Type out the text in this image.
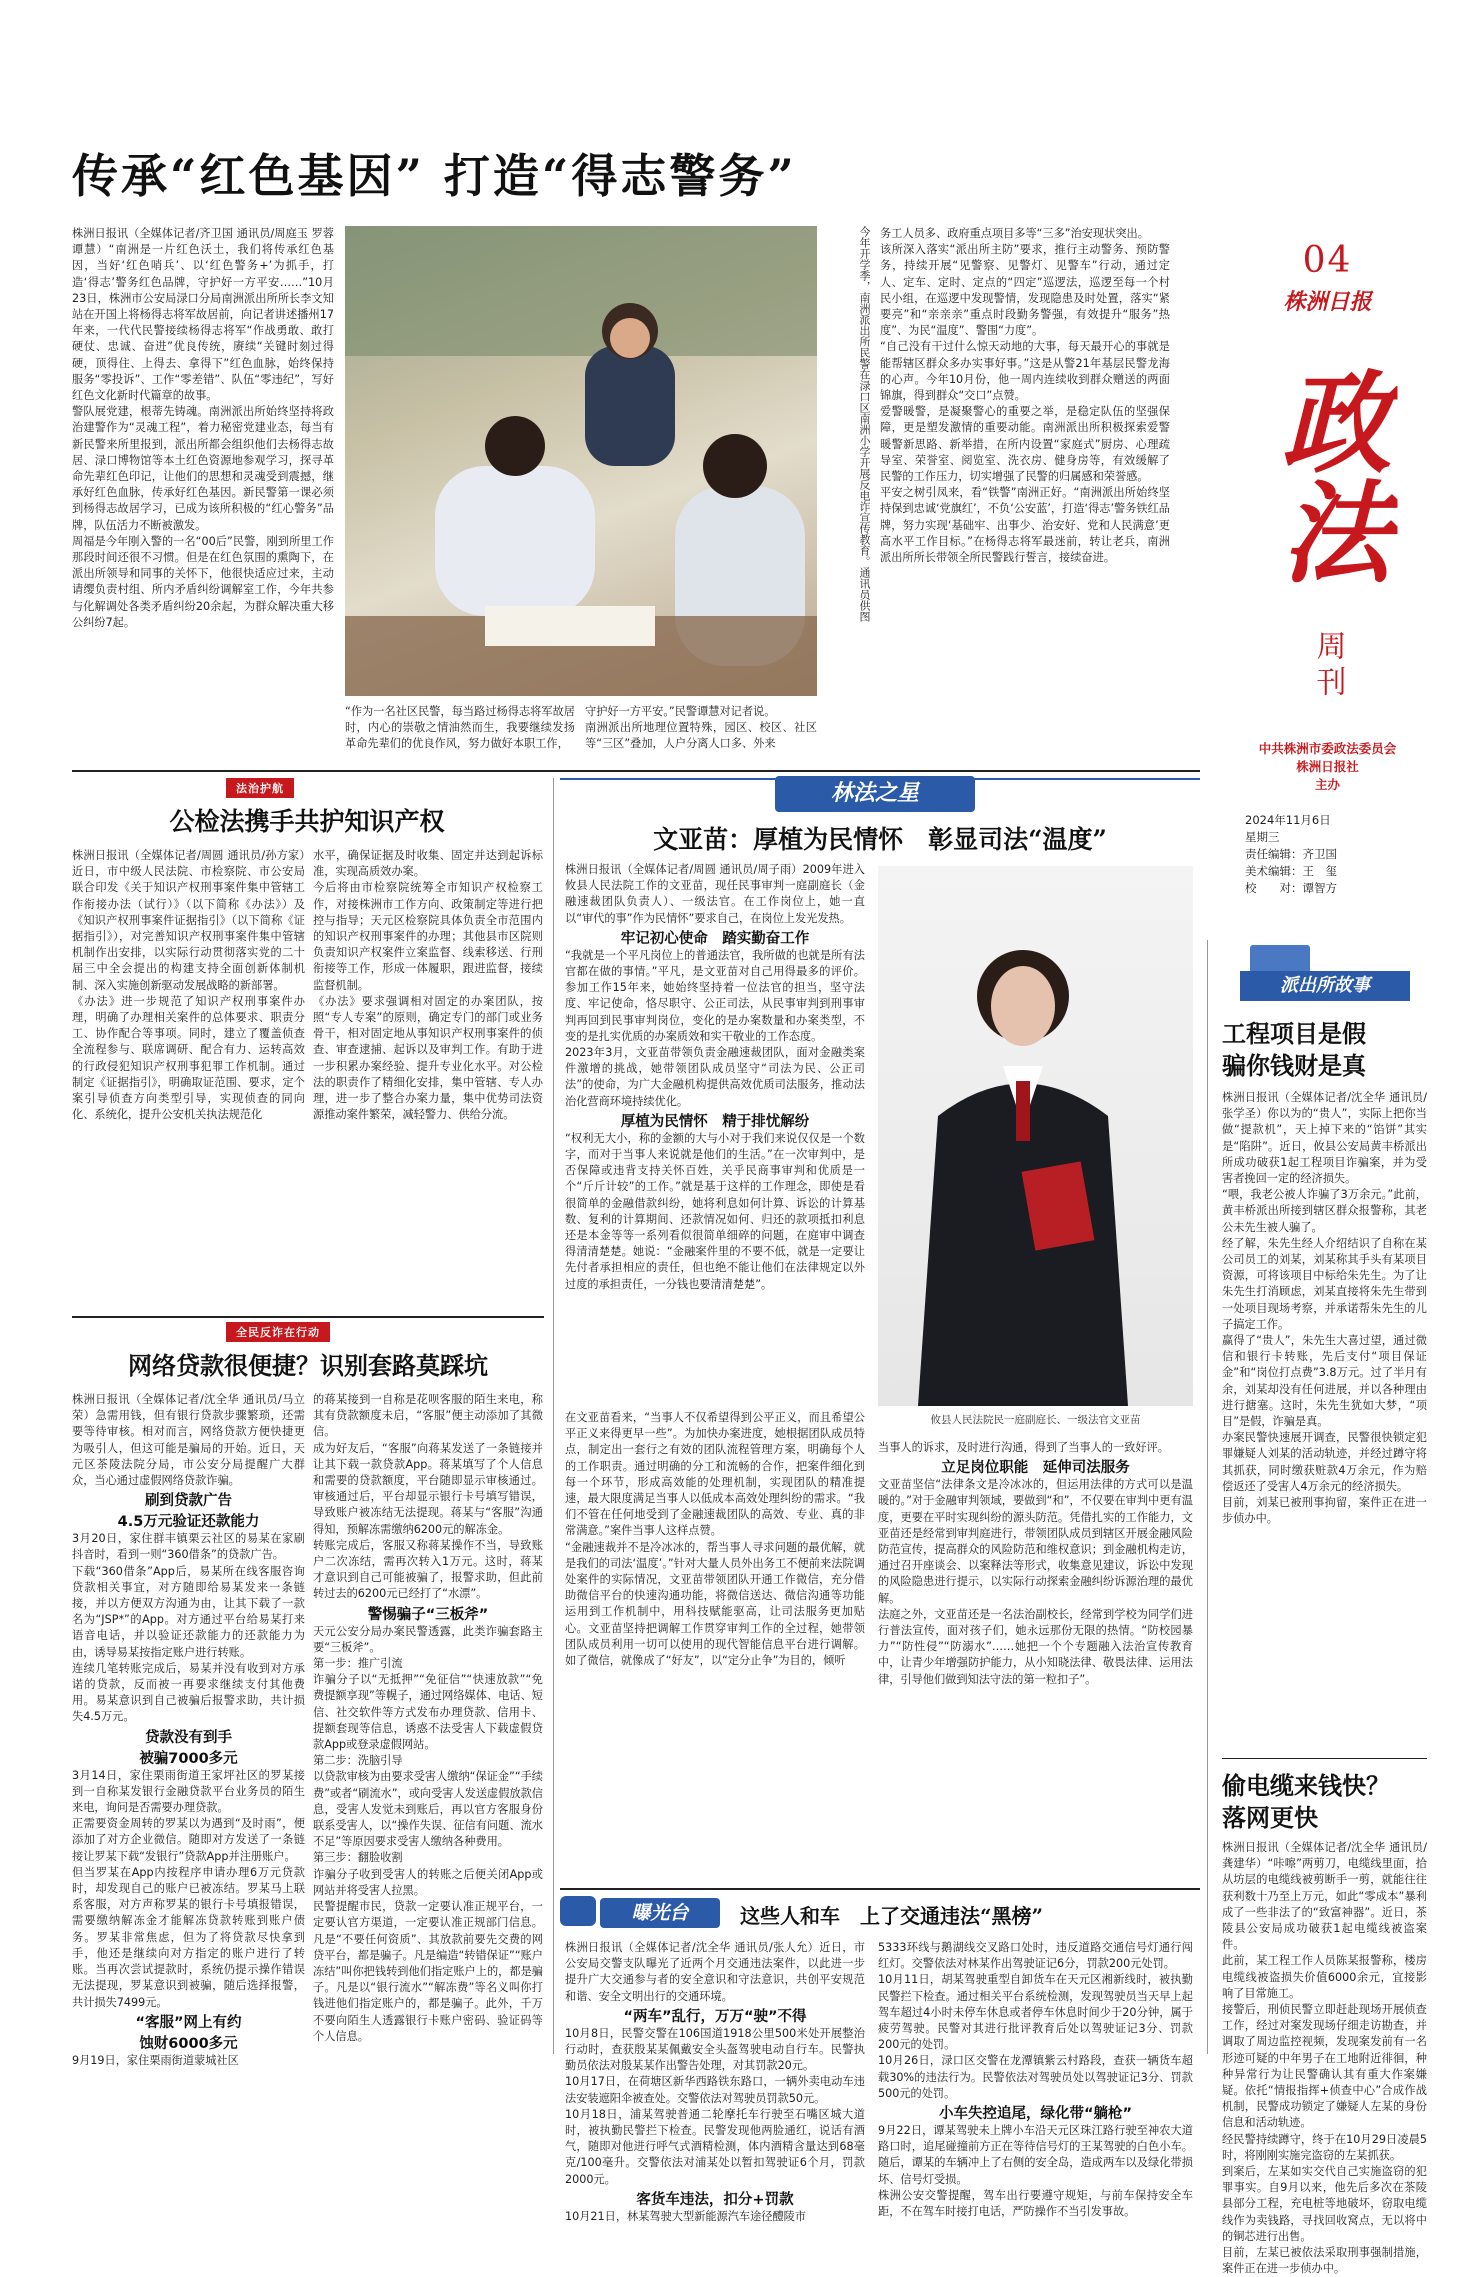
传承“红色基因” 打造“得志警务”
04
株洲日报
政法
周刊
中共株洲市委政法委员会
株洲日报社
主办
2024年11月6日
星期三
责任编辑：齐卫国
美术编辑：王　玺
校　　对：谭智方
株洲日报讯（全媒体记者/齐卫国 通讯员/周庭玉 罗蓉 谭慧）“南洲是一片红色沃土，我们将传承红色基因，当好‘红色哨兵’、以‘红色警务+’为抓手，打造‘得志’警务红色品牌，守护好一方平安……”10月23日，株洲市公安局渌口分局南洲派出所所长李文知站在开国上将杨得志将军故居前，向记者讲述播州17年来，一代代民警接续杨得志将军“作战勇敢、敢打硬仗、忠诚、奋进”优良传统，赓续“关键时刻过得硬，顶得住、上得去、拿得下”红色血脉，始终保持服务“零投诉”、工作“零差错”、队伍“零违纪”，写好红色文化新时代篇章的故事。
警队展党建，根蒂先铸魂。南洲派出所始终坚持将政治建警作为“灵魂工程”，着力秘密党建业态，每当有新民警来所里报到，派出所都会组织他们去杨得志故居、渌口博物馆等本土红色资源地参观学习，探寻革命先辈红色印记，让他们的思想和灵魂受到震撼，继承好红色血脉，传承好红色基因。新民警第一课必须到杨得志故居学习，已成为该所积极的“红心警务”品牌，队伍活力不断被激发。
周福是今年刚入警的一名“00后”民警，刚到所里工作那段时间还很不习惯。但是在红色氛围的熏陶下，在派出所领导和同事的关怀下，他很快适应过来，主动请缨负责村组、所内矛盾纠纷调解室工作，今年共参与化解调处各类矛盾纠纷20余起，为群众解决重大移公纠纷7起。
今年开学季，南洲派出所民警在渌口区南洲小学开展反电诈宣传教育。通讯员供图
“作为一名社区民警，每当路过杨得志将军故居时，内心的崇敬之情油然而生，我要继续发扬革命先辈们的优良作风，努力做好本职工作，
守护好一方平安。”民警谭慧对记者说。
南洲派出所地理位置特殊，园区、校区、社区等“三区”叠加，人户分离人口多、外来
务工人员多、政府重点项目多等“三多”治安现状突出。
该所深入落实“派出所主防”要求，推行主动警务、预防警务，持续开展“见警察、见警灯、见警车”行动，通过定人、定车、定时、定点的“四定”巡逻法，巡逻至每一个村民小组，在巡逻中发现警情，发现隐患及时处置，落实“紧要亮”和“亲亲亲”重点时段勤务警强，有效提升“服务”热度”、为民“温度”、警围“力度”。
“自己没有干过什么惊天动地的大事，每天最开心的事就是能帮辖区群众多办实事好事。”这是从警21年基层民警龙海的心声。今年10月份，他一周内连续收到群众赠送的两面锦旗，得到群众“交口”点赞。
爱警暖警，是凝聚警心的重要之举，是稳定队伍的坚强保障，更是塑发激情的重要动能。南洲派出所积极探索爱警暖警新思路、新举措，在所内设置“家庭式”厨房、心理疏导室、荣誉室、阅览室、洗衣房、健身房等，有效缓解了民警的工作压力，切实增强了民警的归属感和荣誉感。
平安之树引凤来，看“铁警”南洲正好。“南洲派出所始终坚持保到忠诚‘党旗红’，不负‘公安蓝’，打造‘得志’警务铁红品牌，努力实现‘基础牢、出事少、治安好、党和人民满意’更高水平工作目标。”在杨得志将军最迷前，转让老兵，南洲派出所所长带领全所民警践行誓言，接续奋进。
法治护航
公检法携手共护知识产权
株洲日报讯（全媒体记者/周圆 通讯员/孙方家）近日，市中级人民法院、市检察院、市公安局联合印发《关于知识产权刑事案件集中管辖工作衔接办法（试行）》（以下简称《办法》）及《知识产权刑事案件证据指引》（以下简称《证据指引》），对完善知识产权刑事案件集中管辖机制作出安排，以实际行动贯彻落实党的二十届三中全会提出的构建支持全面创新体制机制、深入实施创新驱动发展战略的新部署。
《办法》进一步规范了知识产权刑事案件办理，明确了办理相关案件的总体要求、职责分工、协作配合等事项。同时，建立了覆盖侦查全流程参与、联席调研、配合有力、运转高效的行政侵犯知识产权刑事犯罪工作机制。通过制定《证据指引》，明确取证范围、要求，定个案引导侦查方向类型引导，实现侦查的同向化、系统化，提升公安机关执法规范化
水平，确保证据及时收集、固定并达到起诉标准，实现高质效办案。
今后将由市检察院统筹全市知识产权检察工作，对接株洲市工作方向、政策制定等进行把控与指导；天元区检察院具体负责全市范围内的知识产权刑事案件的办理；其他县市区院则负责知识产权案件立案监督、线索移送、行刑衔接等工作，形成一体履职，跟进监督，接续监督机制。
《办法》要求强调相对固定的办案团队，按照“专人专案”的原则，确定专门的部门或业务骨干，相对固定地从事知识产权刑事案件的侦查、审查逮捕、起诉以及审判工作。有助于进一步积累办案经验、提升专业化水平。对公检法的职责作了精细化安排，集中管辖、专人办理，进一步了整合办案力量，集中优势司法资源推动案件繁荣，减轻警力、供给分流。
全民反诈在行动
网络贷款很便捷？识别套路莫踩坑

株洲日报讯（全媒体记者/沈全华 通讯员/马立荣）急需用钱，但有银行贷款步骤繁琐，还需要等待审核。相对而言，网络贷款方便快捷更为吸引人，但这可能是骗局的开始。近日，天元区茶陵法院分局，市公安分局提醒广大群众，当心通过虚假网络贷款诈骗。

刷到贷款广告
4.5万元验证还款能力

3月20日，家住群丰镇栗云社区的易某在家刷抖音时，看到一则“360借条”的贷款广告。
下载“360借条”App后，易某所在线客服咨询贷款相关事宜，对方随即给易某发来一条链接，并以方便双方沟通为由，让其下载了一款名为“JSP*”的App。对方通过平台给易某打来语音电话，并以验证还款能力的还款能力为由，诱导易某按指定账户进行转账。
连续几笔转账完成后，易某并没有收到对方承诺的贷款，反而被一再要求继续支付其他费用。易某意识到自己被骗后报警求助，共计损失4.5万元。

贷款没有到手
被骗7000多元

3月14日，家住栗雨街道王家坪社区的罗某接到一自称某发银行金融贷款平台业务员的陌生来电，询问是否需要办理贷款。
正需要资金周转的罗某以为遇到“及时雨”，便添加了对方企业微信。随即对方发送了一条链接让罗某下载“发银行”贷款App并注册账户。
但当罗某在App内按程序申请办理6万元贷款时，却发现自己的账户已被冻结。罗某马上联系客服，对方声称罗某的银行卡号填报错误，需要缴纳解冻金才能解冻贷款转账到账户债务。罗某非常焦虑，但为了将贷款尽快拿到手，他还是继续向对方指定的账户进行了转账。当再次尝试提款时，系统仍提示操作错误无法提现，罗某意识到被骗，随后选择报警，共计损失7499元。

“客服”网上有约
蚀财6000多元

9月19日，家住栗雨街道蒙城社区

的蒋某接到一自称是花呗客服的陌生来电，称其有贷款额度未启，“客服”便主动添加了其微信。
成为好友后，“客服”向蒋某发送了一条链接并让其下载一款贷款App。蒋某填写了个人信息和需要的贷款额度，平台随即显示审核通过。审核通过后，平台却显示银行卡号填写错误，导致账户被冻结无法提现。蒋某与“客服”沟通得知，预解冻需缴纳6200元的解冻金。
转账完成后，客服又称蒋某操作不当，导致账户二次冻结，需再次转入1万元。这时，蒋某才意识到自己可能被骗了，报警求助，但此前转过去的6200元已经打了“水漂”。

警惕骗子“三板斧”

天元公安分局办案民警透露，此类诈骗套路主要“三板斧”。
第一步：推广引流
诈骗分子以“无抵押”“免征信”“快速放款”“免费提额享现”等幌子，通过网络媒体、电话、短信、社交软件等方式发布办理贷款、信用卡、提额套现等信息，诱惑不法受害人下载虚假贷款App或登录虚假网站。
第二步：洗脑引导
以贷款审核为由要求受害人缴纳“保证金”“手续费”或者“刷流水”，或向受害人发送虚假放款信息，受害人发觉未到账后，再以官方客服身份联系受害人，以“操作失误、征信有问题、流水不足”等原因要求受害人缴纳各种费用。
第三步：翻脸收割
诈骗分子收到受害人的转账之后便关闭App或网站并将受害人拉黑。
民警提醒市民，贷款一定要认准正规平台，一定要认官方渠道，一定要认准正规部门信息。凡是“不要任何资质”、其放款前要先交费的网贷平台，都是骗子。凡是编造“转错保证”“账户冻结”叫你把钱转到他们指定账户上的，都是骗子。凡是以“银行流水”“解冻费”等名义叫你打钱进他们指定账户的，都是骗子。此外，千万不要向陌生人透露银行卡账户密码、验证码等个人信息。

林法之星
文亚苗：厚植为民情怀　彰显司法“温度”

株洲日报讯（全媒体记者/周圆 通讯员/周子雨）2009年进入攸县人民法院工作的文亚苗，现任民事审判一庭副庭长（金融速裁团队负责人）、一级法官。在工作岗位上，她一直以“审代的事”作为民情怀”要求自己，在岗位上发光发热。

牢记初心使命　踏实勤奋工作

“我就是一个平凡岗位上的普通法官，我所做的也就是所有法官都在做的事情。”平凡，是文亚苗对自己用得最多的评价。参加工作15年来，她始终坚持着一位法官的担当，坚守法度、牢记使命，恪尽职守、公正司法，从民事审判到刑事审判再回到民事审判岗位，变化的是办案数量和办案类型，不变的是扎实优质的办案质效和实干敬业的工作态度。
2023年3月，文亚苗带领负责金融速裁团队，面对金融类案件激增的挑战，她带领团队成员坚守“司法为民、公正司法”的使命，为广大金融机构提供高效优质司法服务，推动法治化营商环境持续优化。

厚植为民情怀　精于排忧解纷

“权利无大小，称的金额的大与小对于我们来说仅仅是一个数字，而对于当事人来说就是他们的生活。”在一次审判中，是否保障或违背支持关怀百姓，关乎民商事审判和优质是一个“斤斤计较”的工作。”就是基于这样的工作理念，即使是看很简单的金融借款纠纷，她将利息如何计算、诉讼的计算基数、复利的计算期间、还款情况如何、归还的款项抵扣利息还是本金等等一系列看似很简单细碎的问题，在庭审中调查得清清楚楚。她说：“金融案件里的不要不低，就是一定要让先付者承担相应的责任，但也绝不能让他们在法律规定以外过度的承担责任，一分钱也要清清楚楚”。

攸县人民法院民一庭副庭长、一级法官文亚苗
在文亚苗看来，“当事人不仅希望得到公平正义，而且希望公平正义来得更早一些”。为加快办案进度，她根据团队成员特点，制定出一套行之有效的团队流程管理方案，明确每个人的工作职责。通过明确的分工和流畅的合作，把案件细化到每一个环节，形成高效能的处理机制，实现团队的精准提速，最大限度满足当事人以低成本高效处理纠纷的需求。“我们不管在任何地受到了金融速裁团队的高效、专业、真的非常满意。”案件当事人这样点赞。
“金融速裁并不是冷冰冰的，帮当事人寻求问题的最优解，就是我们的司法‘温度’。”针对大量人员外出务工不便前来法院调处案件的实际情况，文亚苗带领团队开通工作微信，充分借助微信平台的快速沟通功能，将微信送达、微信沟通等功能运用到工作机制中，用科技赋能驱高，让司法服务更加贴心。文亚苗坚持把调解工作贯穿审判工作的全过程，她带领团队成员利用一切可以使用的现代智能信息平台进行调解。如了微信，就像成了“好友”，以“定分止争”为目的，倾听

当事人的诉求，及时进行沟通，得到了当事人的一致好评。

立足岗位职能　延伸司法服务

文亚苗坚信“法律条文是冷冰冰的，但运用法律的方式可以是温暖的。”对于金融审判领域，要做到“和”，不仅要在审判中更有温度，更要在平时实现纠纷的源头防范。凭借扎实的工作能力，文亚苗还是经常到审判庭进行，带领团队成员到辖区开展金融风险防范宣传，提高群众的风险防范和维权意识；到金融机构走访，通过召开座谈会、以案释法等形式，收集意见建议，诉讼中发现的风险隐患进行提示，以实际行动探索金融纠纷诉源治理的最优解。
法庭之外，文亚苗还是一名法治副校长，经常到学校为同学们进行普法宣传，面对孩子们，她永远那份无限的热情。“防校园暴力”“防性侵”“防溺水”……她把一个个专题融入法治宣传教育中，让青少年增强防护能力，从小知晓法律、敬畏法律、运用法律，引导他们做到知法守法的第一粒扣子”。

曝光台	这些人和车　上了交通违法“黑榜”

株洲日报讯（全媒体记者/沈全华 通讯员/张人允）近日，市公安局交警支队曝光了近两个月交通违法案件，以此进一步提升广大交通参与者的安全意识和守法意识，共创平安规范和谐、安全文明出行的交通环境。

“两车”乱行，万万“驶”不得

10月8日，民警交警在106国道1918公里500米处开展整治行动时，查获殷某某佩戴安全头盔驾驶电动自行车。民警执勤员依法对殷某某作出警告处理，对其罚款20元。
10月17日，在荷塘区新华西路铁东路口，一辆外卖电动车违法安装遮阳伞被查处。交警依法对驾驶员罚款50元。
10月18日，浦某驾驶普通二轮摩托车行驶至石嘴区城大道时，被执勤民警拦下检查。民警发现他两脸通红，说话有酒气，随即对他进行呼气式酒精检测，体内酒精含量达到68毫克/100毫升。交警依法对浦某处以暂扣驾驶证6个月，罚款2000元。

客货车违法，扣分+罚款

10月21日，林某驾驶大型新能源汽车途径醴陵市

5333环线与鹅湖线交叉路口处时，违反道路交通信号灯通行闯红灯。交警依法对林某作出驾驶证记6分，罚款200元处罚。
10月11日，胡某驾驶重型自卸货车在天元区湘新线时，被执勤民警拦下检查。通过相关平台系统检测，发现驾驶员当天早上起驾车超过4小时未停车休息或者停车休息时间少于20分钟，属于疲劳驾驶。民警对其进行批评教育后处以驾驶证记3分、罚款200元的处罚。
10月26日，渌口区交警在龙潭镇紫云村路段，查获一辆货车超载30%的违法行为。民警依法对驾驶员处以驾驶证记3分、罚款500元的处罚。

小车失控追尾，绿化带“躺枪”

9月22日，谭某驾驶未上牌小车沿天元区珠江路行驶至神农大道路口时，追尾碰撞前方正在等待信号灯的王某驾驶的白色小车。随后，谭某的车辆冲上了右侧的安全岛，造成两车以及绿化带损坏、信号灯受损。
株洲公安交警提醒，驾车出行要遵守规矩，与前车保持安全车距，不在驾车时接打电话，严防操作不当引发事故。

派出所故事
工程项目是假
骗你钱财是真
株洲日报讯（全媒体记者/沈全华 通讯员/张学圣）你以为的“贵人”，实际上把你当做“提款机”，天上掉下来的“馅饼”其实是“陷阱”。近日，攸县公安局黄丰桥派出所成功破获1起工程项目诈骗案，并为受害者挽回一定的经济损失。
“喂，我老公被人诈骗了3万余元。”此前，黄丰桥派出所接到辖区群众报警称，其老公未先生被人骗了。
经了解，朱先生经人介绍结识了自称在某公司员工的刘某，刘某称其手头有某项目资源，可将该项目中标给朱先生。为了让朱先生打消顾虑，刘某直接将朱先生带到一处项目现场考察，并承诺帮朱先生的儿子搞定工作。
赢得了“贵人”，朱先生大喜过望，通过微信和银行卡转账，先后支付“项目保证金”和“岗位打点费”3.8万元。过了半月有余，刘某却没有任何进展，并以各种理由进行搪塞。这时，朱先生犹如大梦，“项目”是假，诈骗是真。
办案民警快速展开调查，民警很快锁定犯罪嫌疑人刘某的活动轨迹，并经过蹲守将其抓获，同时缴获赃款4万余元，作为赔偿返还了受害人4万余元的经济损失。
目前，刘某已被刑事拘留，案件正在进一步侦办中。
偷电缆来钱快？
落网更快
株洲日报讯（全媒体记者/沈全华 通讯员/龚建华）“咔嚓”两剪刀，电缆线里面，拾从坊层的电缆线被剪断手一剪，就能往往获利数十乃至上万元，如此“零成本”暴利成了一些非法了的“致富神器”。近日，茶陵县公安局成功破获1起电缆线被盗案件。
此前，某工程工作人员陈某报警称，楼房电缆线被盗损失价值6000余元，宜接影响了目常施工。
接警后，刑侦民警立即赶赴现场开展侦查工作，经过对案发现场仔细走访勘查，并调取了周边监控视频，发现案发前有一名形迹可疑的中年男子在工地附近徘徊，种种异常行为让民警确认其有重大作案嫌疑。依托“情报指挥+侦查中心”合成作战机制，民警成功锁定了嫌疑人左某的身份信息和活动轨迹。
经民警持续蹲守，终于在10月29日凌晨5时，将刚刚实施完盗窃的左某抓获。
到案后，左某如实交代自己实施盗窃的犯罪事实。自9月以来，他先后多次在茶陵县部分工程，充电桩等地破坏，窃取电缆线作为卖钱路，寻找回收窝点，无以将中的铜芯进行出售。
目前，左某已被依法采取刑事强制措施，案件正在进一步侦办中。
